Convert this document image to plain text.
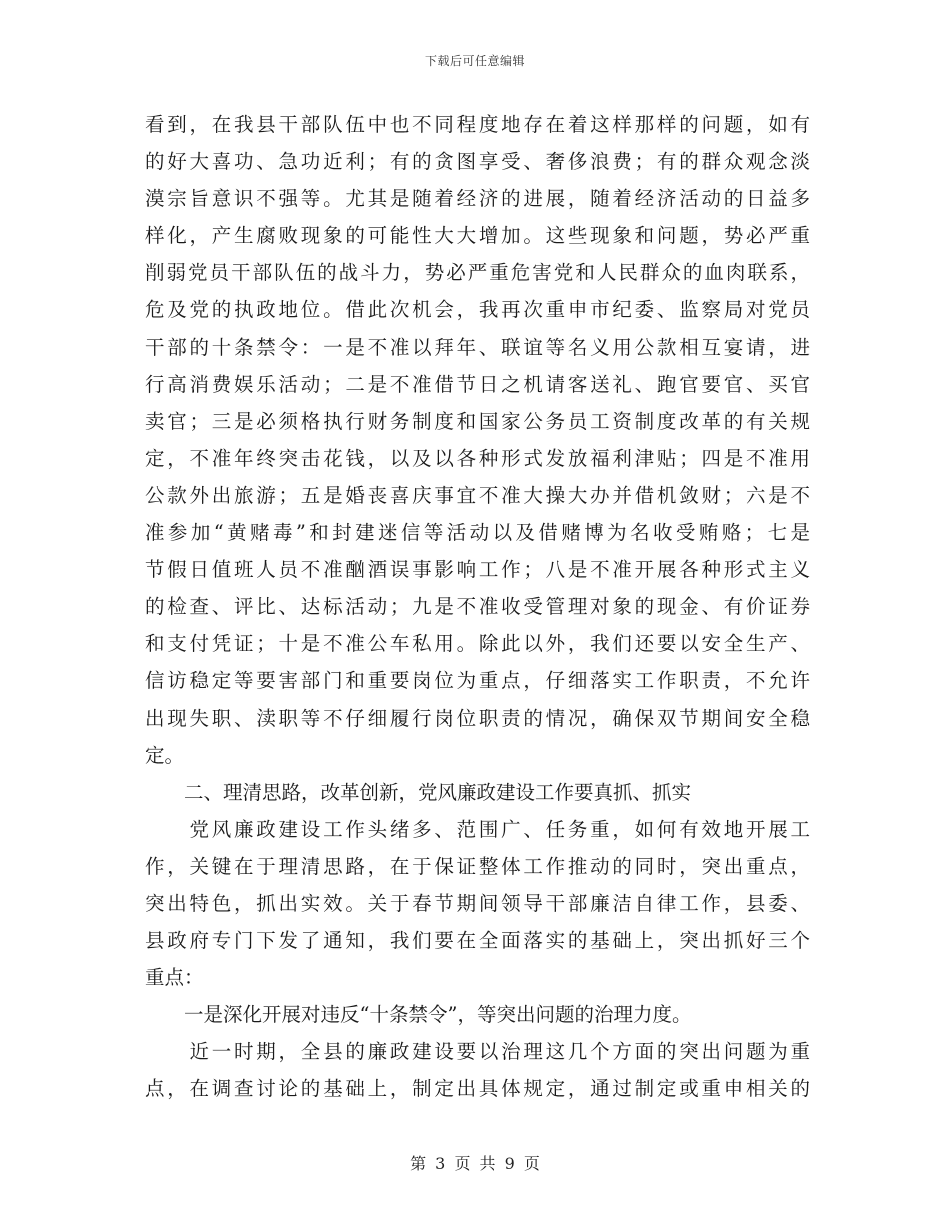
下载后可任意编辑
看到，在我县干部队伍中也不同程度地存在着这样那样的问题，如有
的好大喜功、急功近利；有的贪图享受、奢侈浪费；有的群众观念淡
漠宗旨意识不强等。尤其是随着经济的进展，随着经济活动的日益多
样化，产生腐败现象的可能性大大增加。这些现象和问题，势必严重
削弱党员干部队伍的战斗力，势必严重危害党和人民群众的血肉联系，
危及党的执政地位。借此次机会，我再次重申市纪委、监察局对党员
干部的十条禁令：一是不准以拜年、联谊等名义用公款相互宴请，进
行高消费娱乐活动；二是不准借节日之机请客送礼、跑官要官、买官
卖官；三是必须格执行财务制度和国家公务员工资制度改革的有关规
定，不准年终突击花钱，以及以各种形式发放福利津贴；四是不准用
公款外出旅游；五是婚丧喜庆事宜不准大操大办并借机敛财；六是不
准参加“黄赌毒”和封建迷信等活动以及借赌博为名收受贿赂；七是
节假日值班人员不准酗酒误事影响工作；八是不准开展各种形式主义
的检查、评比、达标活动；九是不准收受管理对象的现金、有价证券
和支付凭证；十是不准公车私用。除此以外，我们还要以安全生产、
信访稳定等要害部门和重要岗位为重点，仔细落实工作职责，不允许
出现失职、渎职等不仔细履行岗位职责的情况，确保双节期间安全稳
定。
　　二、理清思路，改革创新，党风廉政建设工作要真抓、抓实
　　党风廉政建设工作头绪多、范围广、任务重，如何有效地开展工
作，关键在于理清思路，在于保证整体工作推动的同时，突出重点，
突出特色，抓出实效。关于春节期间领导干部廉洁自律工作，县委、
县政府专门下发了通知，我们要在全面落实的基础上，突出抓好三个
重点：
　　一是深化开展对违反“十条禁令”，等突出问题的治理力度。
　　近一时期，全县的廉政建设要以治理这几个方面的突出问题为重
点，在调查讨论的基础上，制定出具体规定，通过制定或重申相关的
第 3 页 共 9 页
